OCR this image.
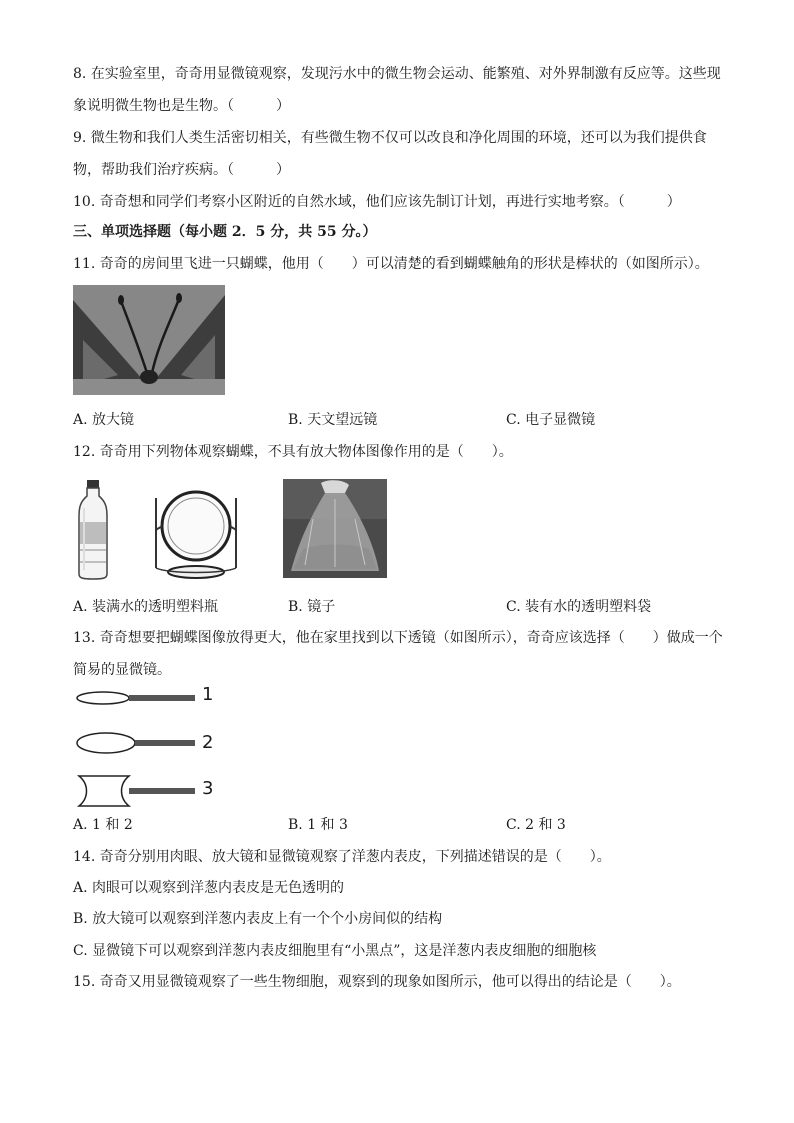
8. 在实验室里，奇奇用显微镜观察，发现污水中的微生物会运动、能繁殖、对外界制激有反应等。这些现
象说明微生物也是生物。（　　　）
9. 微生物和我们人类生活密切相关，有些微生物不仅可以改良和净化周围的环境，还可以为我们提供食
物，帮助我们治疗疾病。（　　　）
10. 奇奇想和同学们考察小区附近的自然水域，他们应该先制订计划，再进行实地考察。（　　　）
三、单项选择题（每小题 2．5 分，共 55 分。）
11. 奇奇的房间里飞进一只蝴蝶，他用（　　）可以清楚的看到蝴蝶触角的形状是棒状的（如图所示）。
A. 放大镜	B. 天文望远镜	C. 电子显微镜
12. 奇奇用下列物体观察蝴蝶，不具有放大物体图像作用的是（　　）。
A. 装满水的透明塑料瓶	B. 镜子	C. 装有水的透明塑料袋
13. 奇奇想要把蝴蝶图像放得更大，他在家里找到以下透镜（如图所示），奇奇应该选择（　　）做成一个
简易的显微镜。
1
2
3
A. 1 和 2	B. 1 和 3	C. 2 和 3
14. 奇奇分别用肉眼、放大镜和显微镜观察了洋葱内表皮，下列描述错误的是（　　）。
A. 肉眼可以观察到洋葱内表皮是无色透明的
B. 放大镜可以观察到洋葱内表皮上有一个个小房间似的结构
C. 显微镜下可以观察到洋葱内表皮细胞里有“小黑点”，这是洋葱内表皮细胞的细胞核
15. 奇奇又用显微镜观察了一些生物细胞，观察到的现象如图所示，他可以得出的结论是（　　）。
